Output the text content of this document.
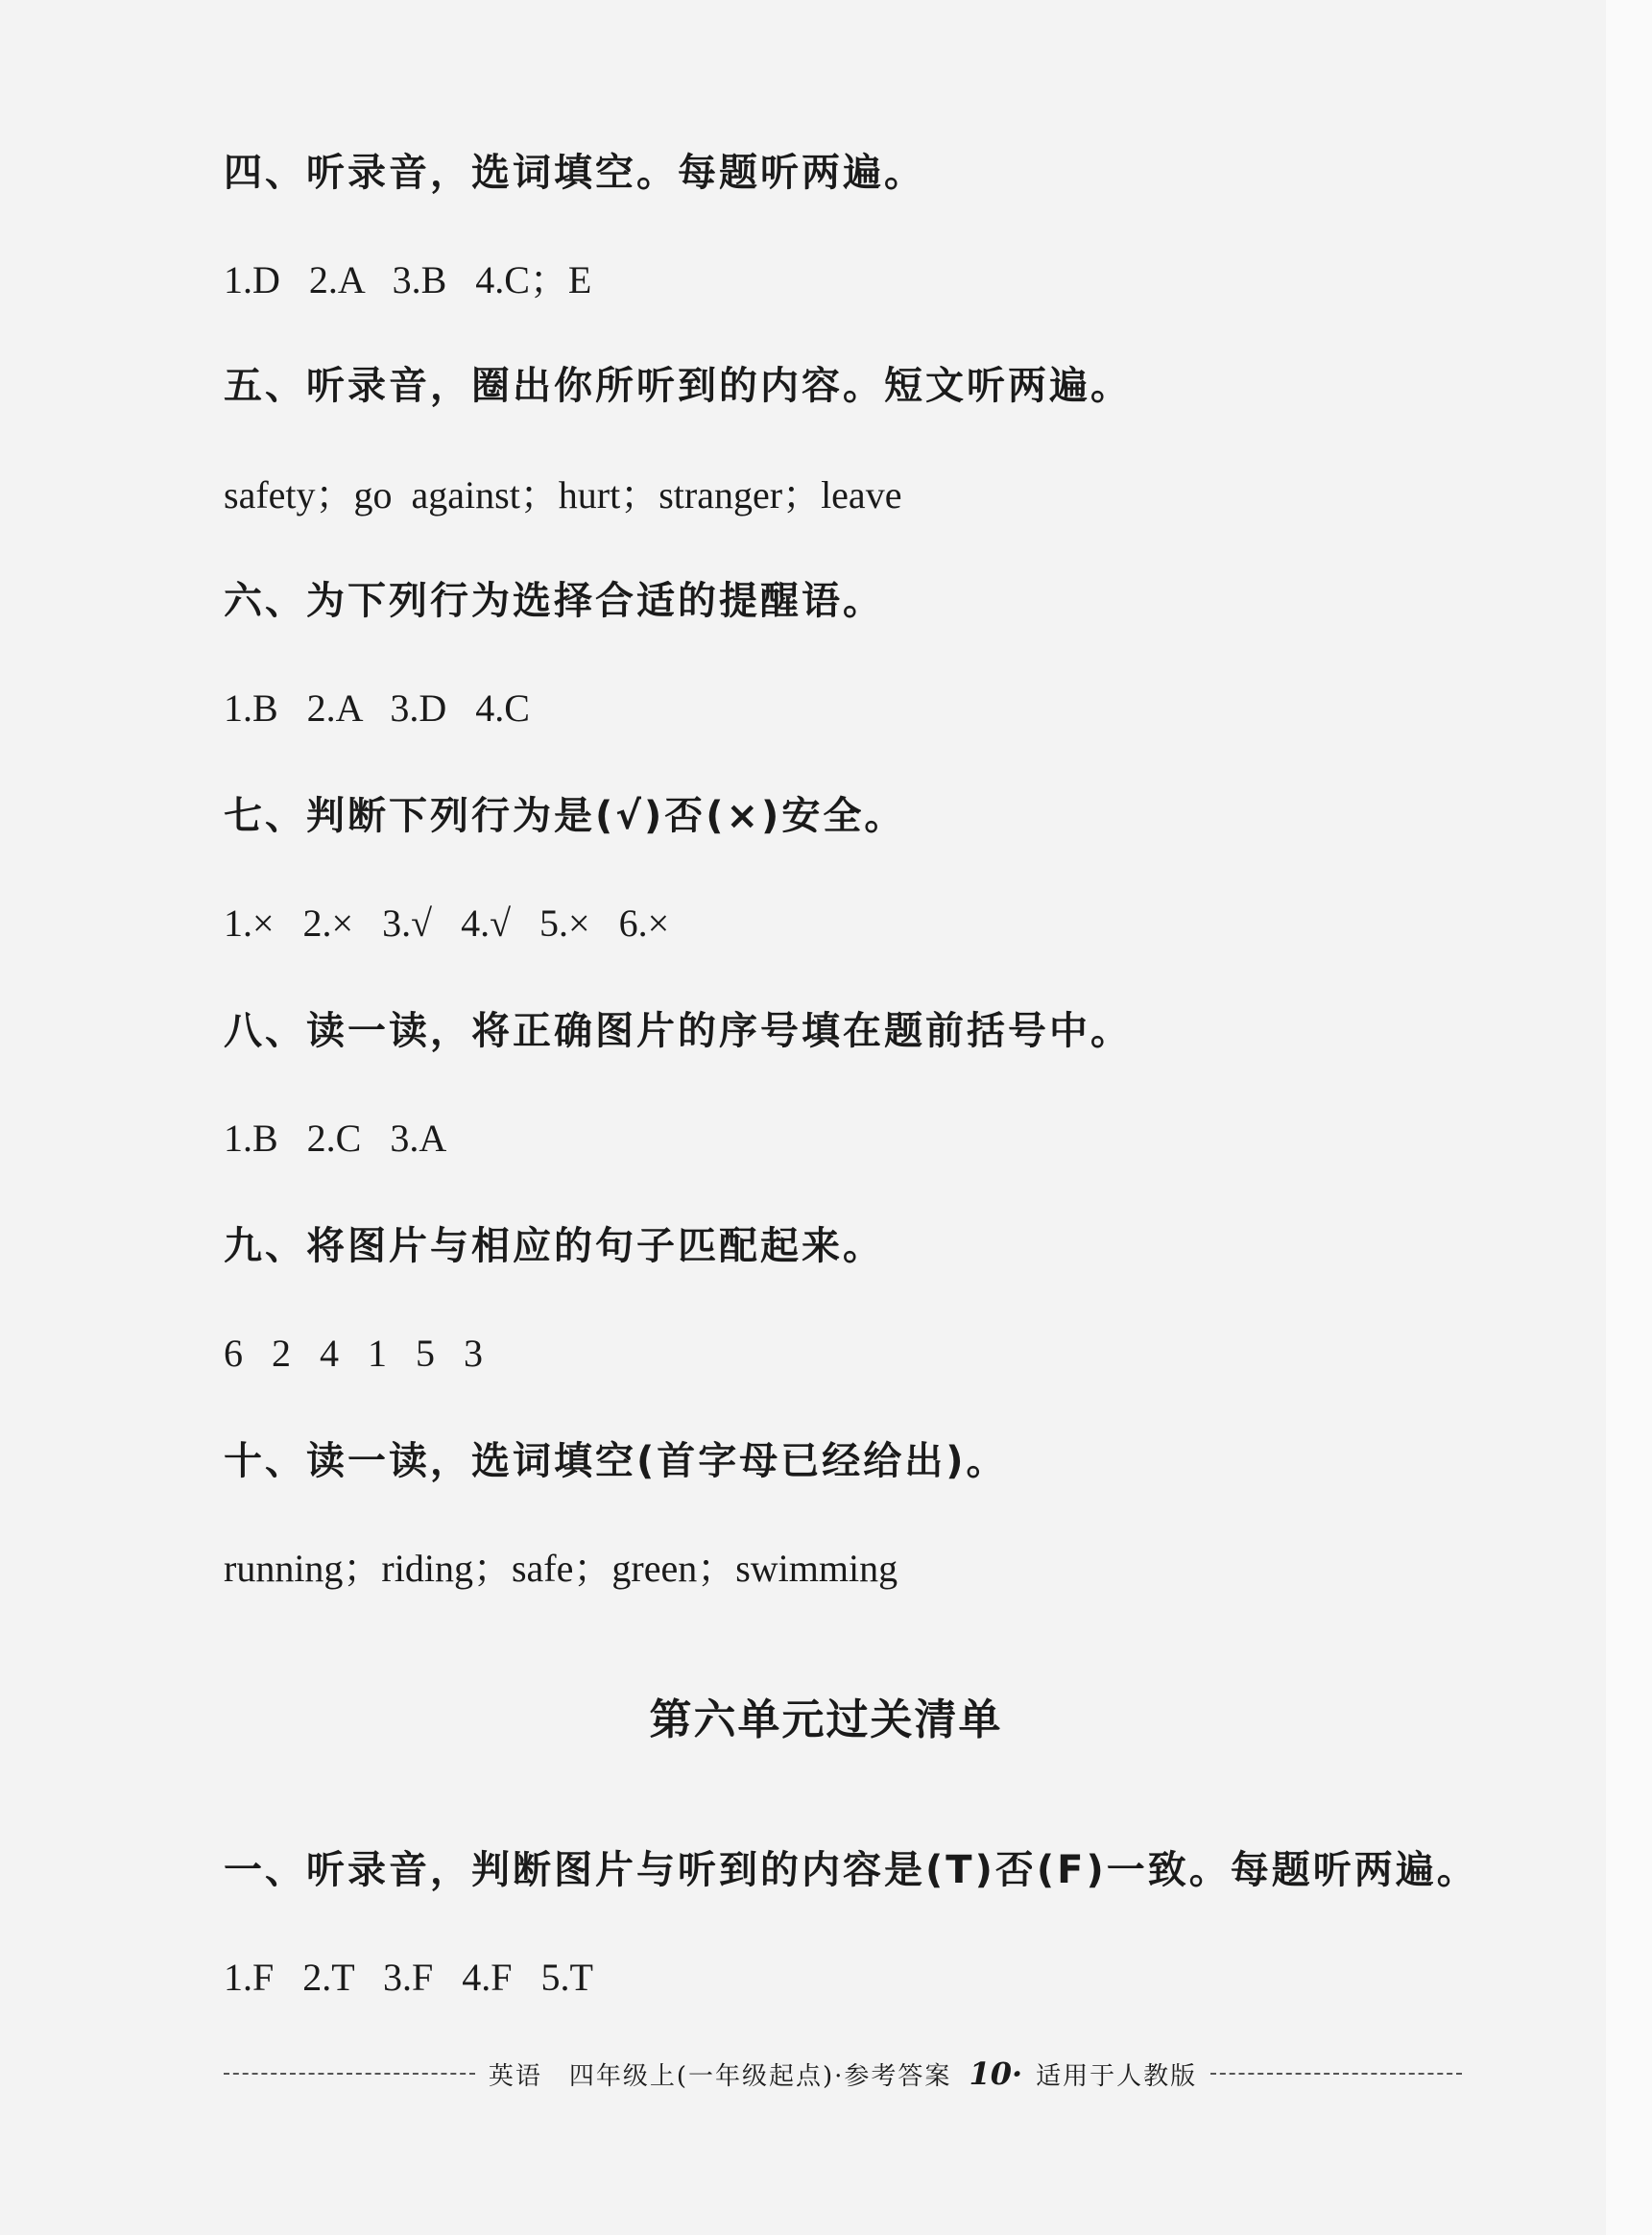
四、听录音，选词填空。每题听两遍。
1.D   2.A   3.B   4.C；E
五、听录音，圈出你所听到的内容。短文听两遍。
safety；go  against；hurt；stranger；leave
六、为下列行为选择合适的提醒语。
1.B   2.A   3.D   4.C
七、判断下列行为是(√)否(×)安全。
1.×   2.×   3.√   4.√   5.×   6.×
八、读一读，将正确图片的序号填在题前括号中。
1.B   2.C   3.A
九、将图片与相应的句子匹配起来。
6   2   4   1   5   3
十、读一读，选词填空(首字母已经给出)。
running；riding；safe；green；swimming
第六单元过关清单
一、听录音，判断图片与听到的内容是(T)否(F)一致。每题听两遍。
1.F   2.T   3.F   4.F   5.T
英语　四年级上(一年级起点)·参考答案 10· 适用于人教版
